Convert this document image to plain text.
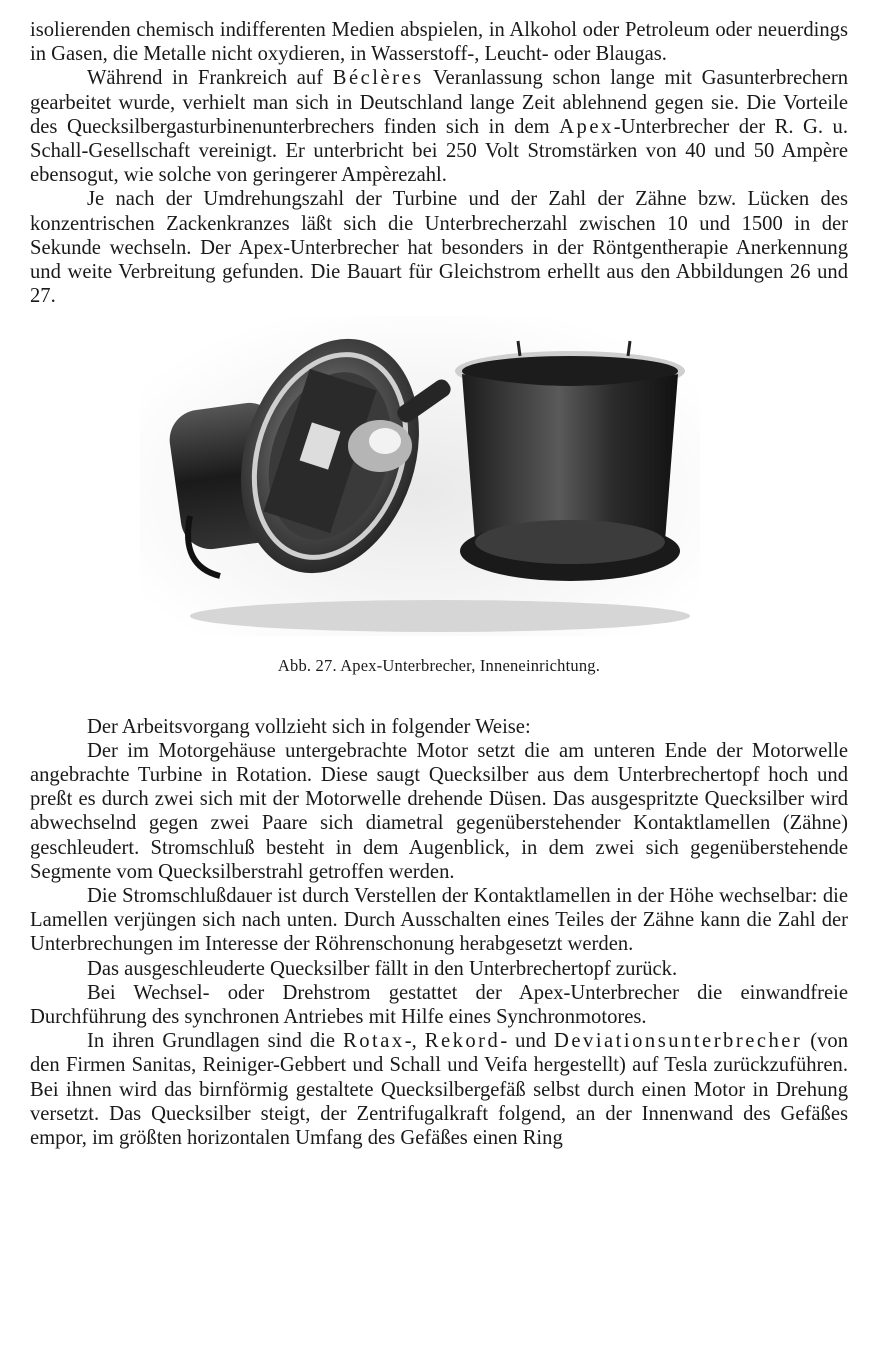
isolierenden chemisch indifferenten Medien abspielen, in Alkohol oder Petroleum oder neuerdings in Gasen, die Metalle nicht oxydieren, in Wasserstoff-, Leucht- oder Blaugas.

Während in Frankreich auf Béclères Veranlassung schon lange mit Gasunterbrechern gearbeitet wurde, verhielt man sich in Deutschland lange Zeit ablehnend gegen sie. Die Vorteile des Quecksilbergasturbinenunterbrechers finden sich in dem Apex-Unterbrecher der R. G. u. Schall-Gesellschaft vereinigt. Er unterbricht bei 250 Volt Stromstärken von 40 und 50 Ampère ebensogut, wie solche von geringerer Ampèrezahl.

Je nach der Umdrehungszahl der Turbine und der Zahl der Zähne bzw. Lücken des konzentrischen Zackenkranzes läßt sich die Unterbrecherzahl zwischen 10 und 1500 in der Sekunde wechseln. Der Apex-Unterbrecher hat besonders in der Röntgentherapie Anerkennung und weite Verbreitung gefunden. Die Bauart für Gleichstrom erhellt aus den Abbildungen 26 und 27.

Abb. 27. Apex-Unterbrecher, Inneneinrichtung.

Der Arbeitsvorgang vollzieht sich in folgender Weise:

Der im Motorgehäuse untergebrachte Motor setzt die am unteren Ende der Motorwelle angebrachte Turbine in Rotation. Diese saugt Quecksilber aus dem Unterbrechertopf hoch und preßt es durch zwei sich mit der Motorwelle drehende Düsen. Das ausgespritzte Quecksilber wird abwechselnd gegen zwei Paare sich diametral gegenüberstehender Kontaktlamellen (Zähne) geschleudert. Stromschluß besteht in dem Augenblick, in dem zwei sich gegenüberstehende Segmente vom Quecksilberstrahl getroffen werden.

Die Stromschlußdauer ist durch Verstellen der Kontaktlamellen in der Höhe wechselbar: die Lamellen verjüngen sich nach unten. Durch Ausschalten eines Teiles der Zähne kann die Zahl der Unterbrechungen im Interesse der Röhrenschonung herabgesetzt werden.

Das ausgeschleuderte Quecksilber fällt in den Unterbrechertopf zurück.

Bei Wechsel- oder Drehstrom gestattet der Apex-Unterbrecher die einwandfreie Durchführung des synchronen Antriebes mit Hilfe eines Synchronmotores.

In ihren Grundlagen sind die Rotax-, Rekord- und Deviationsunterbrecher (von den Firmen Sanitas, Reiniger-Gebbert und Schall und Veifa hergestellt) auf Tesla zurückzuführen. Bei ihnen wird das birnförmig gestaltete Quecksilbergefäß selbst durch einen Motor in Drehung versetzt. Das Quecksilber steigt, der Zentrifugalkraft folgend, an der Innenwand des Gefäßes empor, im größten horizontalen Umfang des Gefäßes einen Ring
